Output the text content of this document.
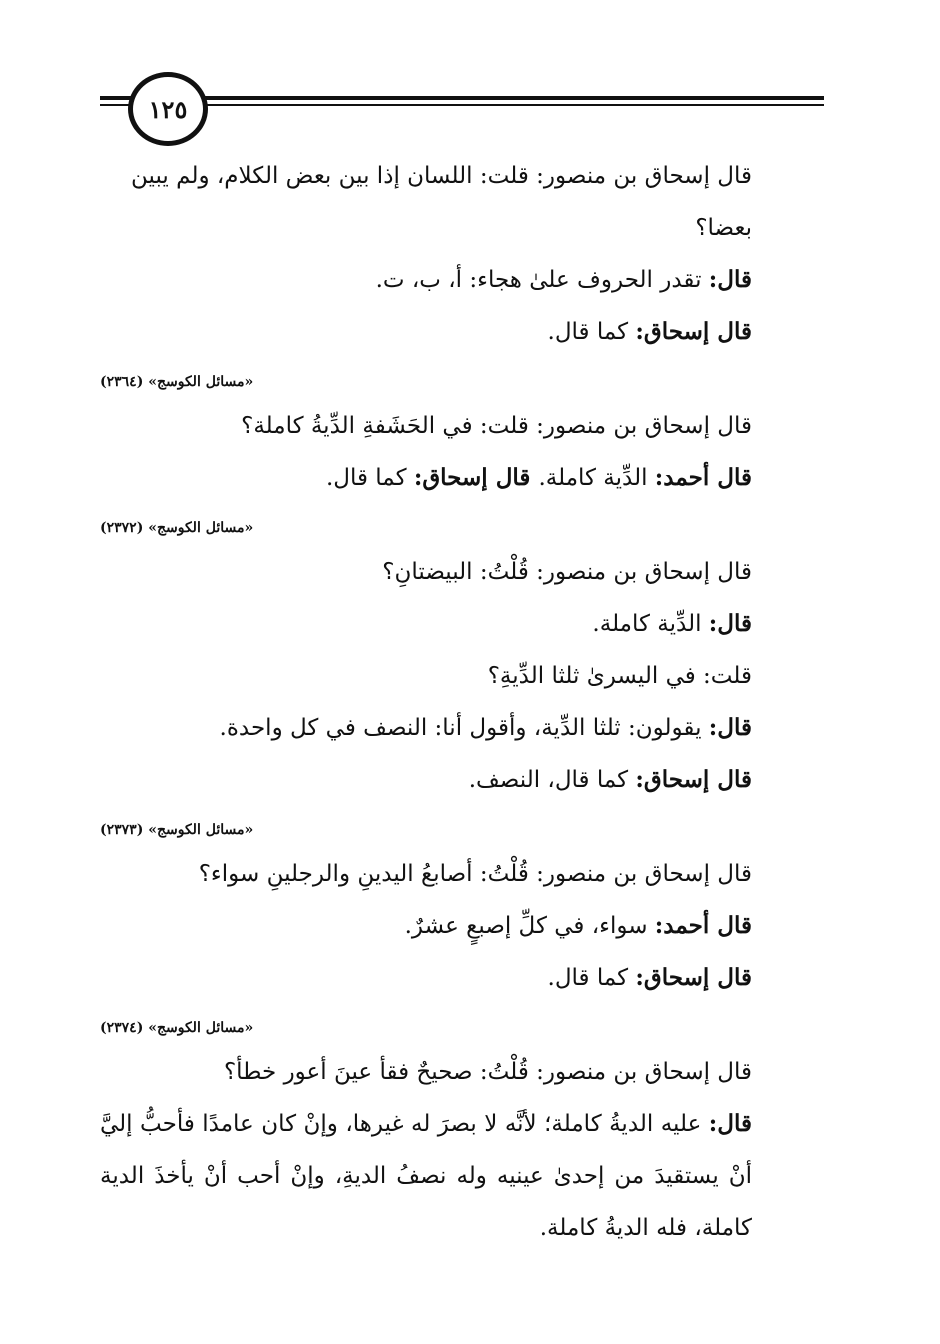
١٢٥

قال إسحاق بن منصور: قلت: اللسان إذا بين بعض الكلام، ولم يبين بعضا؟

قال: تقدر الحروف علىٰ هجاء: أ، ب، ت.

قال إسحاق: كما قال.

«مسائل الكوسج» (٢٣٦٤)

قال إسحاق بن منصور: قلت: في الحَشَفةِ الدِّيةُ كاملة؟

قال أحمد: الدِّية كاملة. قال إسحاق: كما قال.

«مسائل الكوسج» (٢٣٧٢)

قال إسحاق بن منصور: قُلْتُ: البيضتانِ؟

قال: الدِّية كاملة.

قلت: في اليسرىٰ ثلثا الدِّيةِ؟

قال: يقولون: ثلثا الدِّية، وأقول أنا: النصف في كل واحدة.

قال إسحاق: كما قال، النصف.

«مسائل الكوسج» (٢٣٧٣)

قال إسحاق بن منصور: قُلْتُ: أصابعُ اليدينِ والرجلينِ سواء؟

قال أحمد: سواء، في كلِّ إصبعٍ عشرٌ.

قال إسحاق: كما قال.

«مسائل الكوسج» (٢٣٧٤)

قال إسحاق بن منصور: قُلْتُ: صحيحٌ فقأ عينَ أعور خطأ؟

قال: عليه الديةُ كاملة؛ لأنَّه لا بصرَ له غيرها، وإنْ كان عامدًا فأحبُّ إليَّ أنْ يستقيدَ من إحدىٰ عينيه وله نصفُ الديةِ، وإنْ أحب أنْ يأخذَ الدية كاملة، فله الديةُ كاملة.
